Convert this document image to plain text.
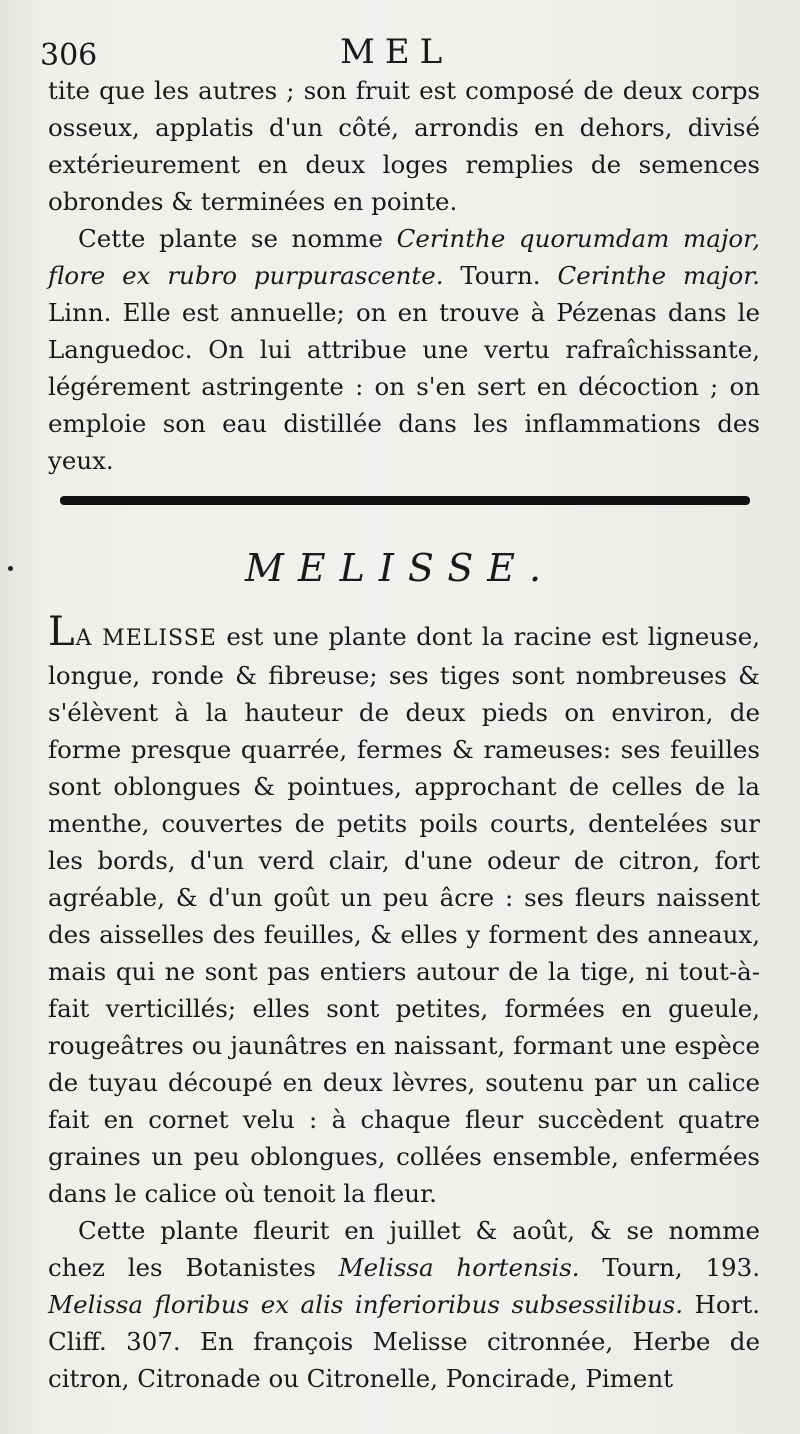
306	MEL

tite que les autres ; son fruit est composé de deux corps osseux, applatis d'un côté, arrondis en dehors, divisé extérieurement en deux loges remplies de semences obrondes & terminées en pointe.

Cette plante se nomme Cerinthe quorumdam major, flore ex rubro purpurascente. Tourn. Cerinthe major. Linn. Elle est annuelle; on en trouve à Pézenas dans le Languedoc. On lui attribue une vertu rafraîchissante, légérement astringente : on s'en sert en décoction ; on emploie son eau distillée dans les inflammations des yeux.

MELISSE.

LA MELISSE est une plante dont la racine est ligneuse, longue, ronde & fibreuse; ses tiges sont nombreuses & s'élèvent à la hauteur de deux pieds on environ, de forme presque quarrée, fermes & rameuses: ses feuilles sont oblongues & pointues, approchant de celles de la menthe, couvertes de petits poils courts, dentelées sur les bords, d'un verd clair, d'une odeur de citron, fort agréable, & d'un goût un peu âcre : ses fleurs naissent des aisselles des feuilles, & elles y forment des anneaux, mais qui ne sont pas entiers autour de la tige, ni tout-à-fait verticillés; elles sont petites, formées en gueule, rougeâtres ou jaunâtres en naissant, formant une espèce de tuyau découpé en deux lèvres, soutenu par un calice fait en cornet velu : à chaque fleur succèdent quatre graines un peu oblongues, collées ensemble, enfermées dans le calice où tenoit la fleur.

Cette plante fleurit en juillet & août, & se nomme chez les Botanistes Melissa hortensis. Tourn, 193. Melissa floribus ex alis inferioribus subsessilibus. Hort. Cliff. 307. En françois Melisse citronnée, Herbe de citron, Citronade ou Citronelle, Poncirade, Piment
